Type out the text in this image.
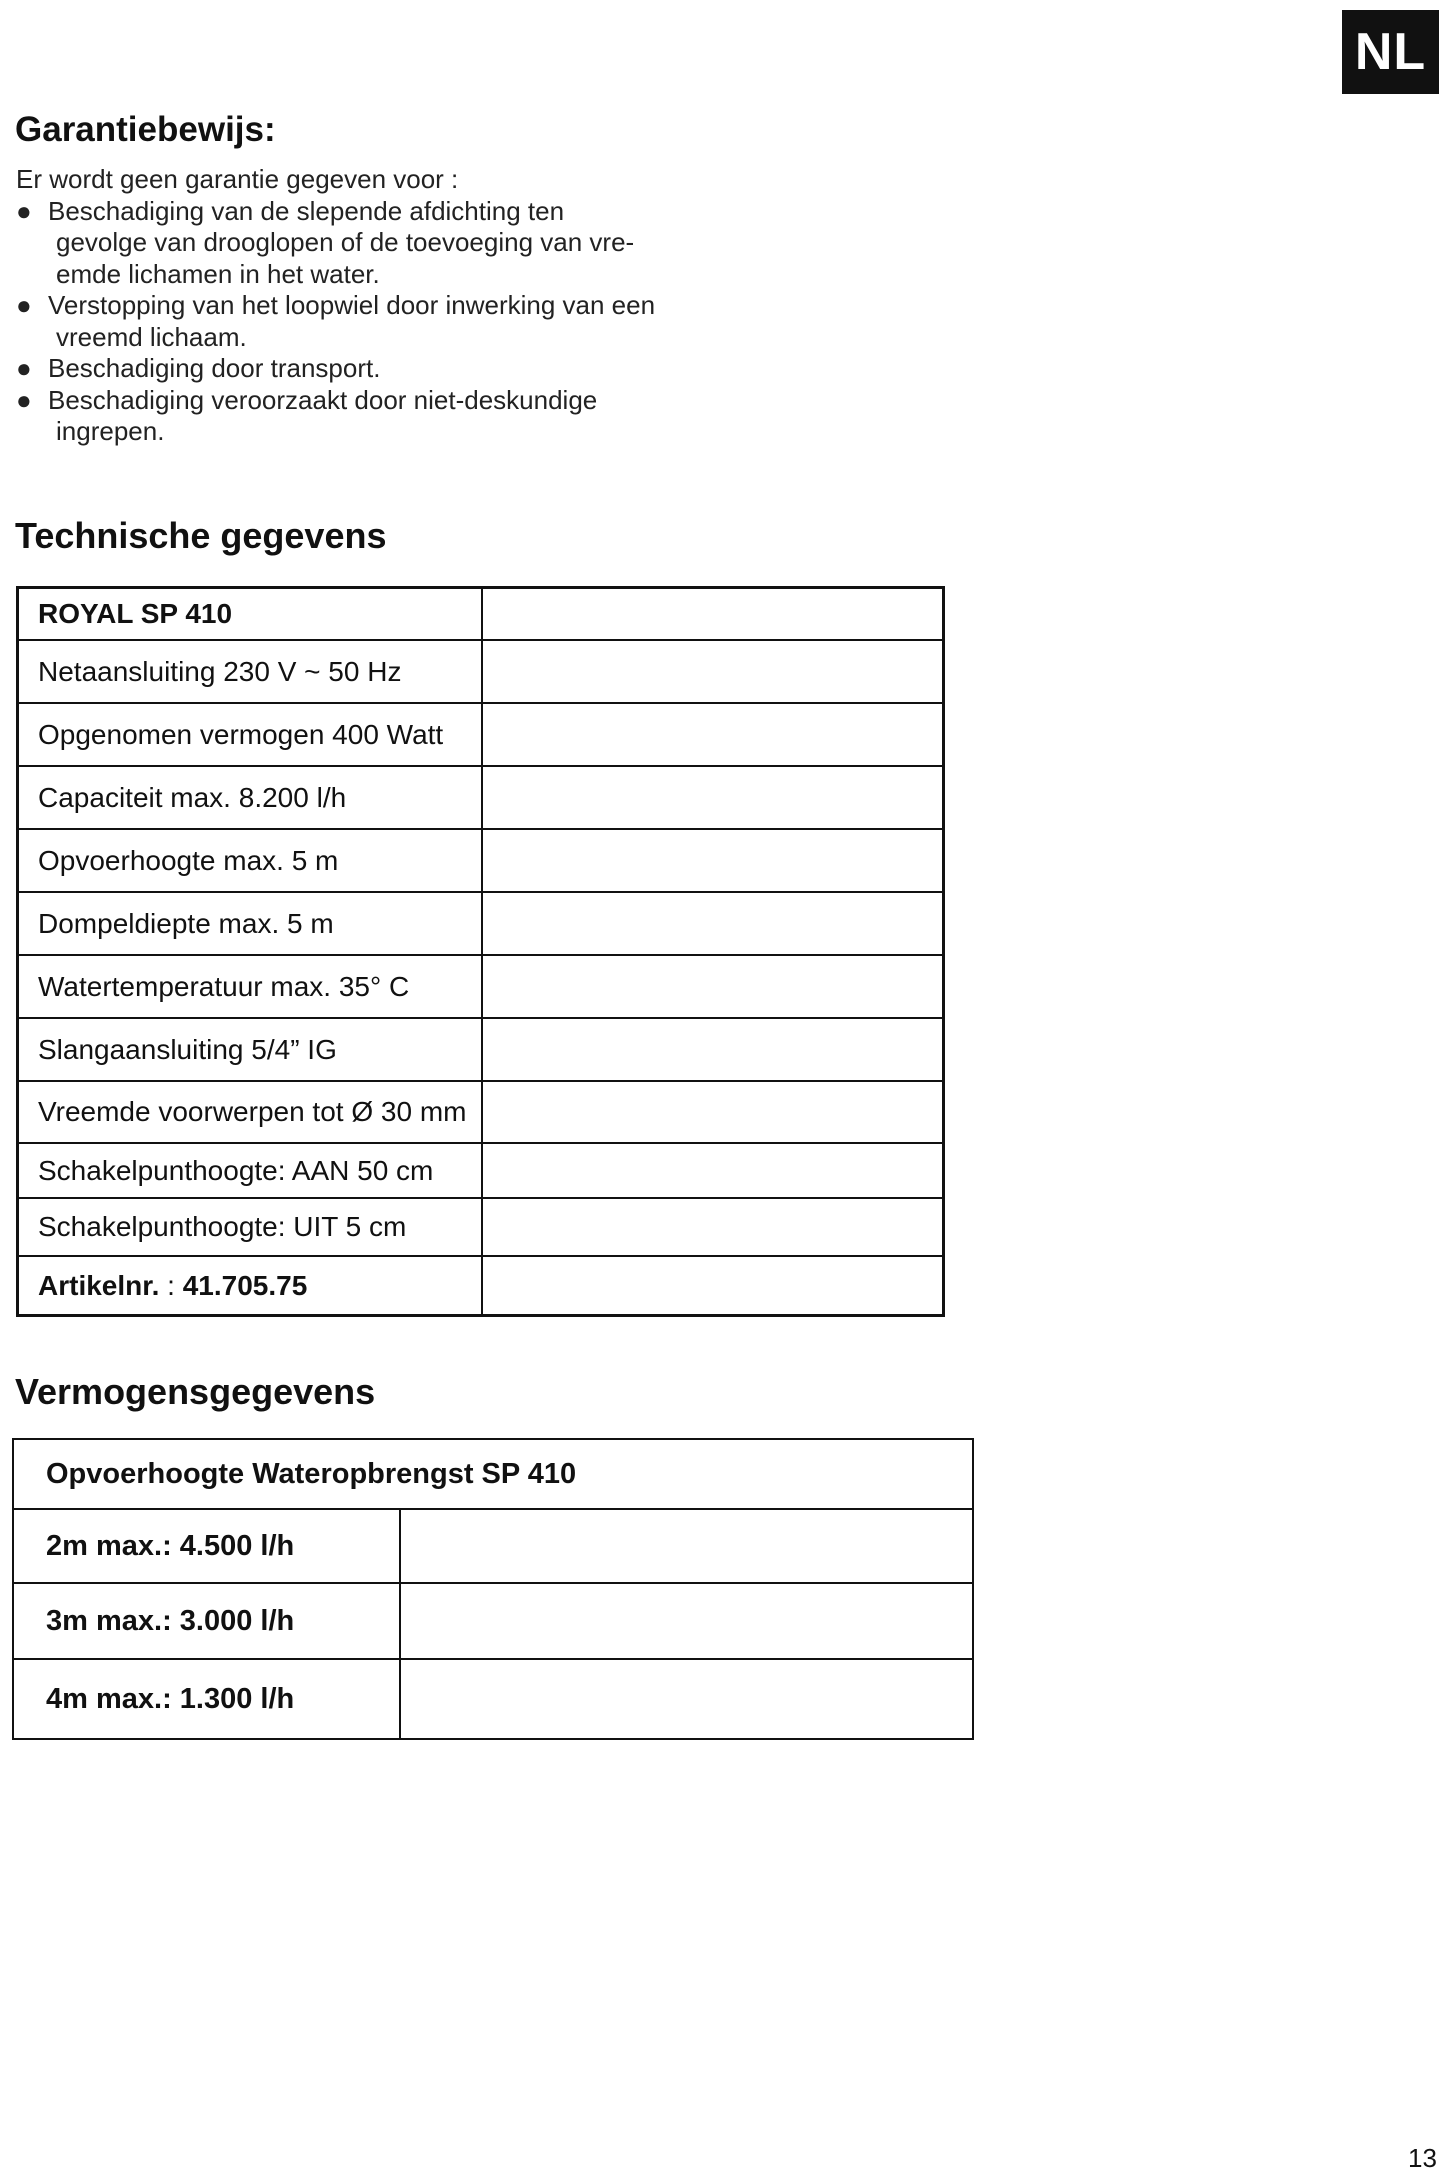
NL
Garantiebewijs:
Er wordt geen garantie gegeven voor :
● Beschadiging van de slepende afdichting ten
gevolge van drooglopen of de toevoeging van vre-
emde lichamen in het water.
● Verstopping van het loopwiel door inwerking van een
vreemd lichaam.
● Beschadiging door transport.
● Beschadiging veroorzaakt door niet-deskundige
ingrepen.
Technische gegevens
ROYAL SP 410
Netaansluiting 230 V ~ 50 Hz
Opgenomen vermogen 400 Watt
Capaciteit max. 8.200 l/h
Opvoerhoogte max. 5 m
Dompeldiepte max. 5 m
Watertemperatuur max. 35° C
Slangaansluiting 5/4” IG
Vreemde voorwerpen tot Ø 30 mm
Schakelpunthoogte: AAN 50 cm
Schakelpunthoogte: UIT 5 cm
Artikelnr. : 41.705.75
Vermogensgegevens
Opvoerhoogte Wateropbrengst SP 410
2m max.: 4.500 l/h
3m max.: 3.000 l/h
4m max.: 1.300 l/h
13
